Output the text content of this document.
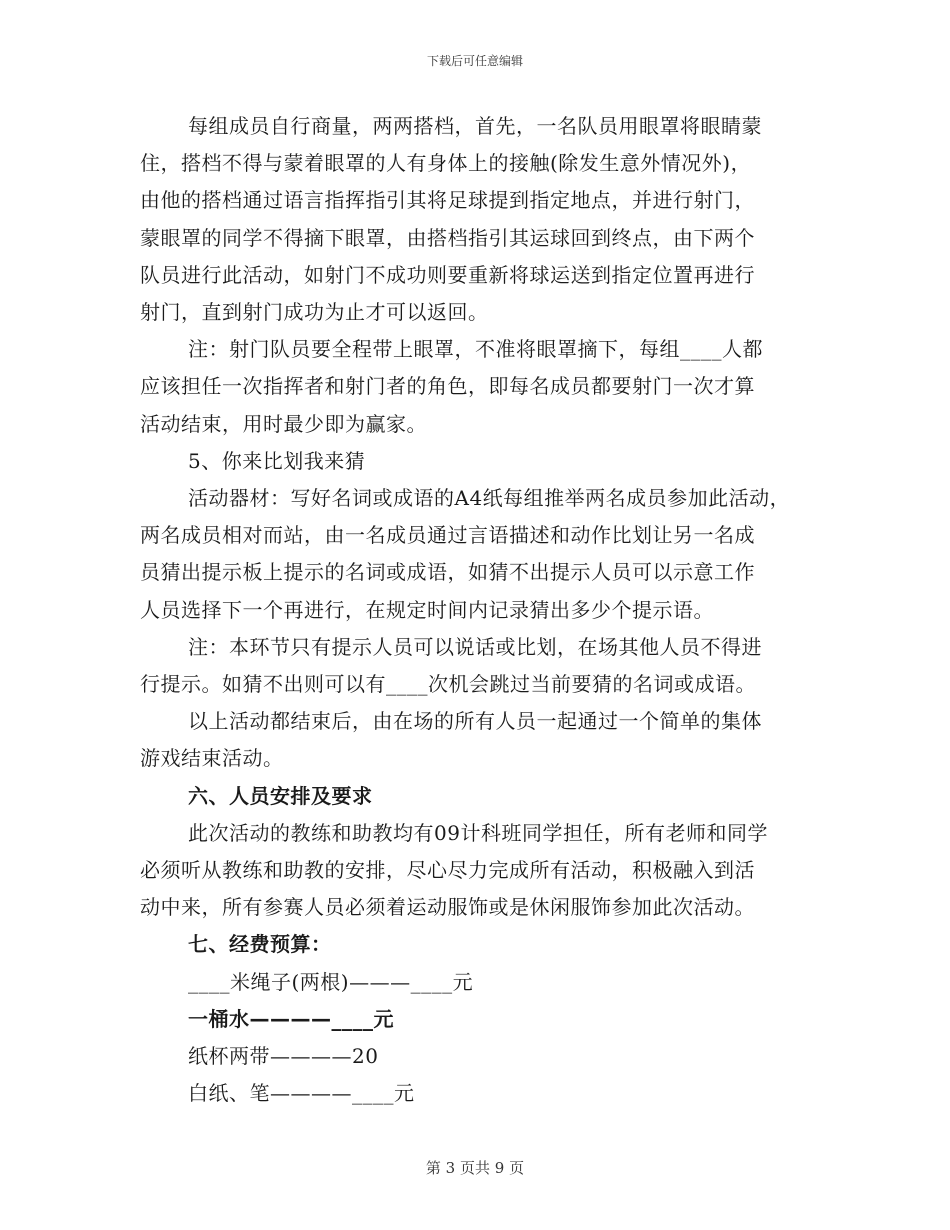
下载后可任意编辑

每组成员自行商量，两两搭档，首先，一名队员用眼罩将眼睛蒙

住，搭档不得与蒙着眼罩的人有身体上的接触(除发生意外情况外)，

由他的搭档通过语言指挥指引其将足球提到指定地点，并进行射门，

蒙眼罩的同学不得摘下眼罩，由搭档指引其运球回到终点，由下两个

队员进行此活动，如射门不成功则要重新将球运送到指定位置再进行

射门，直到射门成功为止才可以返回。

注：射门队员要全程带上眼罩，不准将眼罩摘下，每组____人都

应该担任一次指挥者和射门者的角色，即每名成员都要射门一次才算

活动结束，用时最少即为赢家。

5、你来比划我来猜

活动器材：写好名词或成语的A4纸每组推举两名成员参加此活动，

两名成员相对而站，由一名成员通过言语描述和动作比划让另一名成

员猜出提示板上提示的名词或成语，如猜不出提示人员可以示意工作

人员选择下一个再进行，在规定时间内记录猜出多少个提示语。

注：本环节只有提示人员可以说话或比划，在场其他人员不得进

行提示。如猜不出则可以有____次机会跳过当前要猜的名词或成语。

以上活动都结束后，由在场的所有人员一起通过一个简单的集体

游戏结束活动。

六、人员安排及要求

此次活动的教练和助教均有09计科班同学担任，所有老师和同学

必须听从教练和助教的安排，尽心尽力完成所有活动，积极融入到活

动中来，所有参赛人员必须着运动服饰或是休闲服饰参加此次活动。

七、经费预算：

____米绳子(两根)———____元

一桶水————____元

纸杯两带————20

白纸、笔————____元

第 3 页共 9 页
